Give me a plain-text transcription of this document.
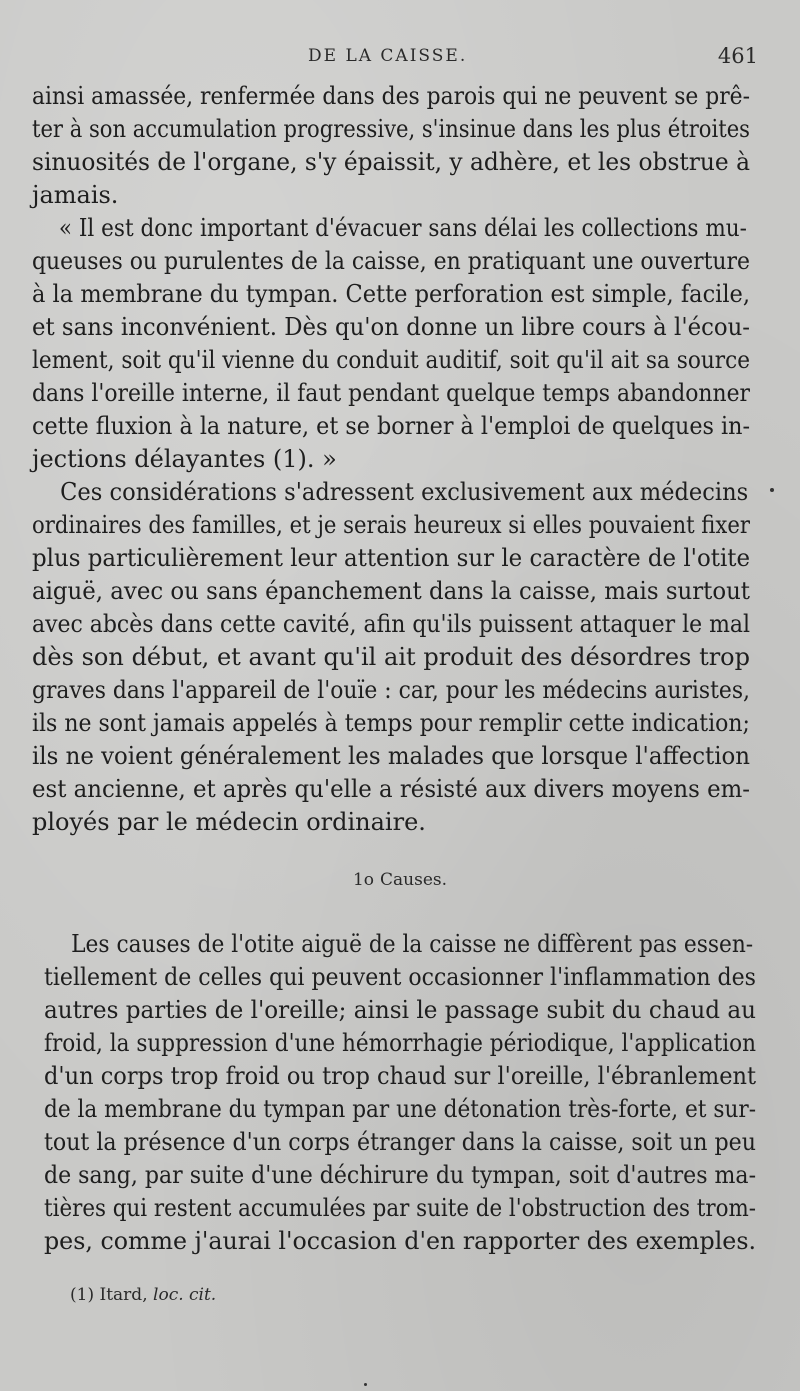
DE LA CAISSE.	461
ainsi amassée, renfermée dans des parois qui ne peuvent se prê-
ter à son accumulation progressive, s'insinue dans les plus étroites
sinuosités de l'organe, s'y épaissit, y adhère, et les obstrue à
jamais.
« Il est donc important d'évacuer sans délai les collections mu-
queuses ou purulentes de la caisse, en pratiquant une ouverture
à la membrane du tympan. Cette perforation est simple, facile,
et sans inconvénient. Dès qu'on donne un libre cours à l'écou-
lement, soit qu'il vienne du conduit auditif, soit qu'il ait sa source
dans l'oreille interne, il faut pendant quelque temps abandonner
cette fluxion à la nature, et se borner à l'emploi de quelques in-
jections délayantes (1). »
Ces considérations s'adressent exclusivement aux médecins
ordinaires des familles, et je serais heureux si elles pouvaient fixer
plus particulièrement leur attention sur le caractère de l'otite
aiguë, avec ou sans épanchement dans la caisse, mais surtout
avec abcès dans cette cavité, afin qu'ils puissent attaquer le mal
dès son début, et avant qu'il ait produit des désordres trop
graves dans l'appareil de l'ouïe : car, pour les médecins auristes,
ils ne sont jamais appelés à temps pour remplir cette indication;
ils ne voient généralement les malades que lorsque l'affection
est ancienne, et après qu'elle a résisté aux divers moyens em-
ployés par le médecin ordinaire.
1o Causes.
Les causes de l'otite aiguë de la caisse ne diffèrent pas essen-
tiellement de celles qui peuvent occasionner l'inflammation des
autres parties de l'oreille; ainsi le passage subit du chaud au
froid, la suppression d'une hémorrhagie périodique, l'application
d'un corps trop froid ou trop chaud sur l'oreille, l'ébranlement
de la membrane du tympan par une détonation très-forte, et sur-
tout la présence d'un corps étranger dans la caisse, soit un peu
de sang, par suite d'une déchirure du tympan, soit d'autres ma-
tières qui restent accumulées par suite de l'obstruction des trom-
pes, comme j'aurai l'occasion d'en rapporter des exemples.
(1) Itard, loc. cit.
